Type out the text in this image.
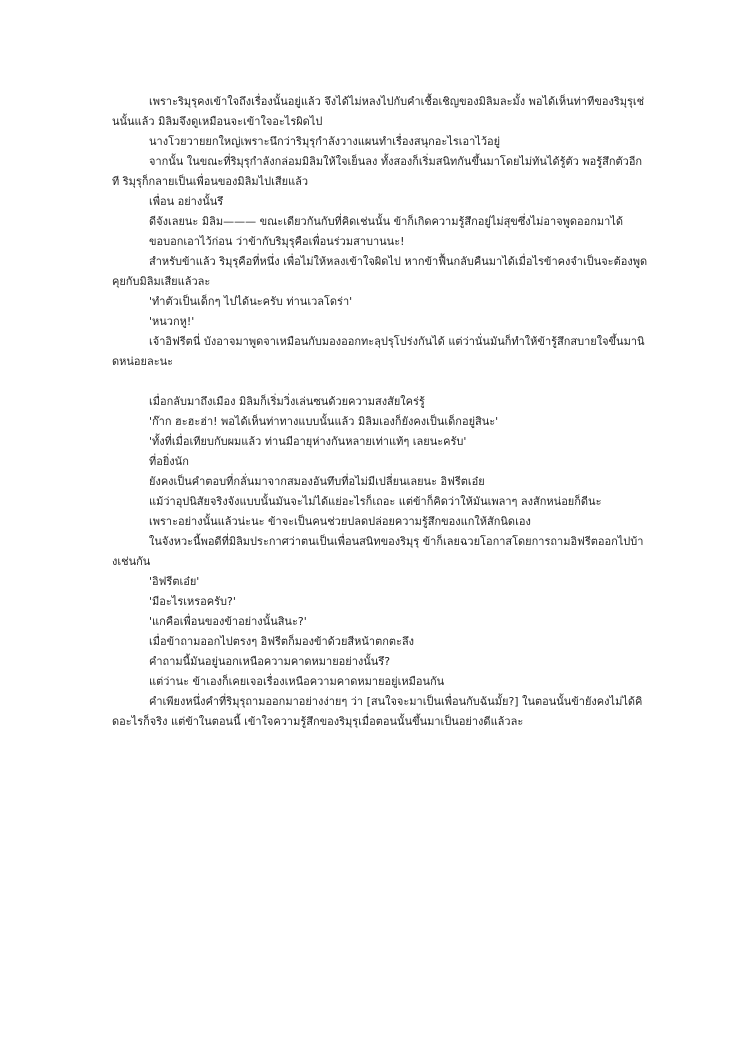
เพราะริมุรุคงเข้าใจถึงเรื่องนั้นอยู่แล้ว จึงได้ไม่หลงไปกับคำเชื้อเชิญของมิลิมละมั้ง พอได้เห็นท่าทีของริมุรุเช่นนั้นแล้ว มิลิมจึงดูเหมือนจะเข้าใจอะไรผิดไป

นางโวยวายยกใหญ่เพราะนึกว่าริมุรุกำลังวางแผนทำเรื่องสนุกอะไรเอาไว้อยู่

จากนั้น ในขณะที่ริมุรุกำลังกล่อมมิลิมให้ใจเย็นลง ทั้งสองก็เริ่มสนิทกันขึ้นมาโดยไม่ทันได้รู้ตัว พอรู้สึกตัวอีกที ริมุรุก็กลายเป็นเพื่อนของมิลิมไปเสียแล้ว

เพื่อน อย่างนั้นรึ

ดีจังเลยนะ มิลิม——— ขณะเดียวกันกับที่คิดเช่นนั้น ข้าก็เกิดความรู้สึกอยู่ไม่สุขซึ่งไม่อาจพูดออกมาได้

ขอบอกเอาไว้ก่อน ว่าข้ากับริมุรุคือเพื่อนร่วมสาบานนะ!

สำหรับข้าแล้ว ริมุรุคือที่หนึ่ง เพื่อไม่ให้หลงเข้าใจผิดไป หากข้าฟื้นกลับคืนมาได้เมื่อไรข้าคงจำเป็นจะต้องพูดคุยกับมิลิมเสียแล้วละ

'ทำตัวเป็นเด็กๆ ไปได้นะครับ ท่านเวลโดร่า'

'หนวกหู!'

เจ้าอิฟรีตนี่ บังอาจมาพูดจาเหมือนกับมองออกทะลุปรุโปร่งกันได้ แต่ว่านั่นมันก็ทำให้ข้ารู้สึกสบายใจขึ้นมานิดหน่อยละนะ

เมื่อกลับมาถึงเมือง มิลิมก็เริ่มวิ่งเล่นซนด้วยความสงสัยใคร่รู้

'ก๊าก ฮะฮะฮ่า! พอได้เห็นท่าทางแบบนั้นแล้ว มิลิมเองก็ยังคงเป็นเด็กอยู่สินะ'

'ทั้งที่เมื่อเทียบกับผมแล้ว ท่านมีอายุห่างกันหลายเท่าแท้ๆ เลยนะครับ'

ที่อยิ่งนัก

ยังคงเป็นคำตอบที่กลั่นมาจากสมองอันทึบที่อไม่มีเปลี่ยนเลยนะ อิฟรีตเอ๋ย

แม้ว่าอุปนิสัยจริงจังแบบนั้นมันจะไม่ได้แย่อะไรก็เถอะ แต่ข้าก็คิดว่าให้มันเพลาๆ ลงสักหน่อยก็ดีนะ

เพราะอย่างนั้นแล้วน่ะนะ ข้าจะเป็นคนช่วยปลดปล่อยความรู้สึกของแกให้สักนิดเอง

ในจังหวะนี้พอดีที่มิลิมประกาศว่าตนเป็นเพื่อนสนิทของริมุรุ ข้าก็เลยฉวยโอกาสโดยการถามอิฟรีตออกไปบ้างเช่นกัน

'อิฟรีตเอ๋ย'

'มีอะไรเหรอครับ?'

'แกคือเพื่อนของข้าอย่างนั้นสินะ?'

เมื่อข้าถามออกไปตรงๆ อิฟรีตก็มองข้าด้วยสีหน้าตกตะลึง

คำถามนี้มันอยู่นอกเหนือความคาดหมายอย่างนั้นรึ?

แต่ว่านะ ข้าเองก็เคยเจอเรื่องเหนือความคาดหมายอยู่เหมือนกัน

คำเพียงหนึ่งคำที่ริมุรุถามออกมาอย่างง่ายๆ ว่า [สนใจจะมาเป็นเพื่อนกับฉันมั้ย?] ในตอนนั้นข้ายังคงไม่ได้คิดอะไรก็จริง แต่ข้าในตอนนี้ เข้าใจความรู้สึกของริมุรุเมื่อตอนนั้นขึ้นมาเป็นอย่างดีแล้วละ
